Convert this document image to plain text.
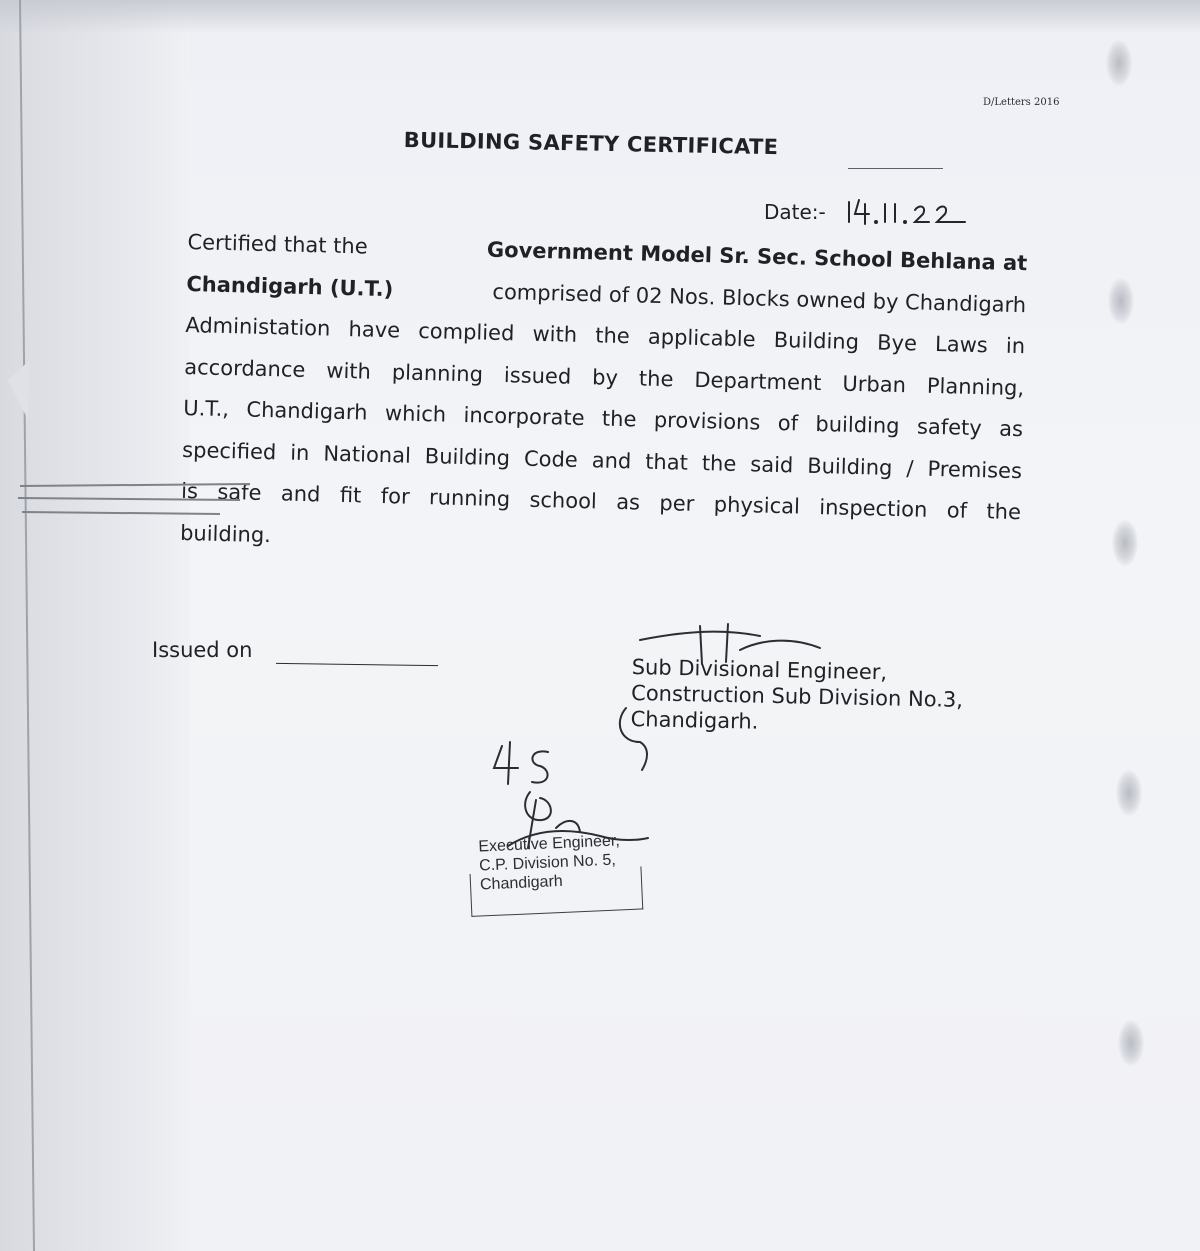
D/Letters 2016
BUILDING SAFETY CERTIFICATE
Date:-
Certified that the	Government Model Sr. Sec. School Behlana at
Chandigarh (U.T.)	comprised of 02 Nos. Blocks owned by Chandigarh
Administation have complied with the applicable Building Bye Laws in
accordance with planning issued by the Department Urban Planning,
U.T., Chandigarh which incorporate the provisions of building safety as
specified in National Building Code and that the said Building / Premises
is safe and fit for running school as per physical inspection of the
building.
Issued on
Sub Divisional Engineer,
Construction Sub Division No.3,
Chandigarh.
Executive Engineer,
C.P. Division No. 5,
Chandigarh
